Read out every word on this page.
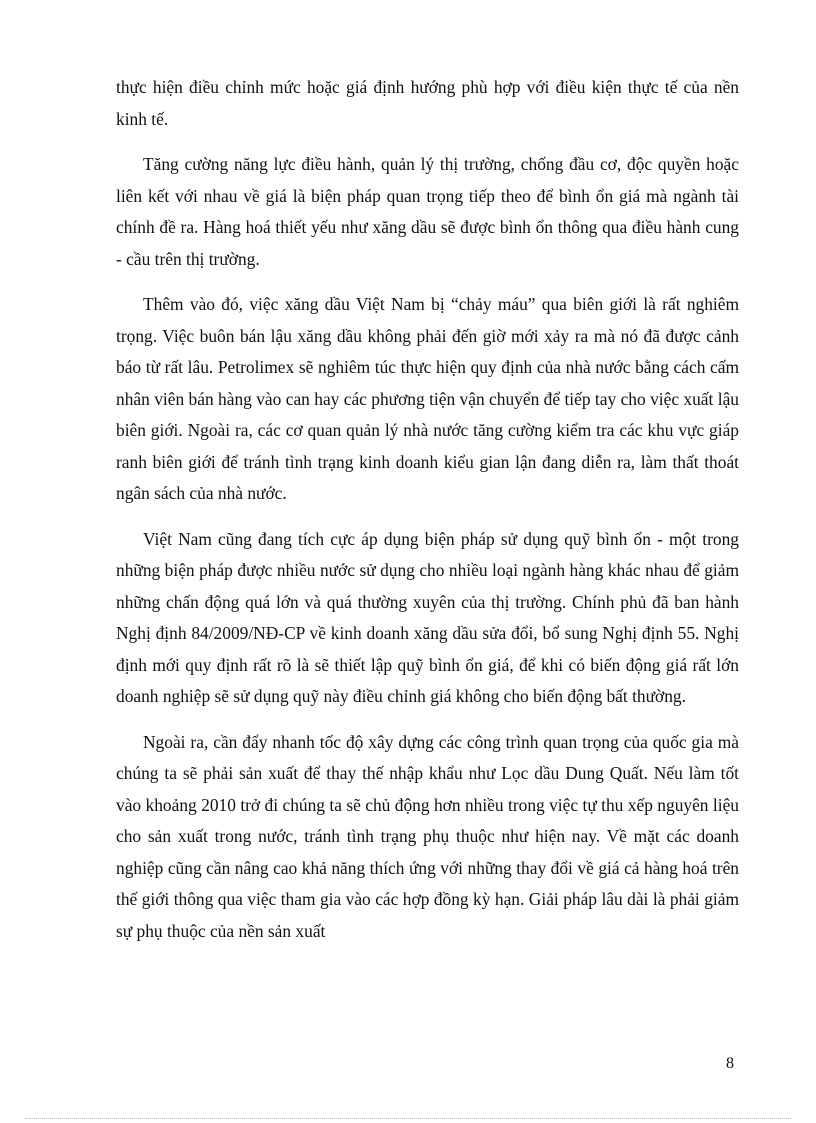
thực hiện điều chỉnh mức hoặc giá định hướng phù hợp với điều kiện thực tế của nền kinh tế.

Tăng cường năng lực điều hành, quản lý thị trường, chống đầu cơ, độc quyền hoặc liên kết với nhau về giá là biện pháp quan trọng tiếp theo để bình ổn giá mà ngành tài chính đề ra. Hàng hoá thiết yếu như xăng dầu sẽ được bình ổn thông qua điều hành cung - cầu trên thị trường.

Thêm vào đó, việc xăng dầu Việt Nam bị “chảy máu” qua biên giới là rất nghiêm trọng. Việc buôn bán lậu xăng dầu không phải đến giờ mới xảy ra mà nó đã được cảnh báo từ rất lâu. Petrolimex sẽ nghiêm túc thực hiện quy định của nhà nước bằng cách cấm nhân viên bán hàng vào can hay các phương tiện vận chuyển để tiếp tay cho việc xuất lậu biên giới. Ngoài ra, các cơ quan quản lý nhà nước tăng cường kiểm tra các khu vực giáp ranh biên giới để tránh tình trạng kinh doanh kiểu gian lận đang diễn ra, làm thất thoát ngân sách của nhà nước.

Việt Nam cũng đang tích cực áp dụng biện pháp sử dụng quỹ bình ổn - một trong những biện pháp được nhiều nước sử dụng cho nhiều loại ngành hàng khác nhau để giảm những chấn động quá lớn và quá thường xuyên của thị trường. Chính phủ đã ban hành Nghị định 84/2009/NĐ-CP về kinh doanh xăng dầu sửa đổi, bổ sung Nghị định 55. Nghị định mới quy định rất rõ là sẽ thiết lập quỹ bình ổn giá, để khi có biến động giá rất lớn doanh nghiệp sẽ sử dụng quỹ này điều chỉnh giá không cho biến động bất thường.

Ngoài ra, cần đẩy nhanh tốc độ xây dựng các công trình quan trọng của quốc gia mà chúng ta sẽ phải sản xuất để thay thế nhập khẩu như Lọc dầu Dung Quất. Nếu làm tốt vào khoảng 2010 trở đi chúng ta sẽ chủ động hơn nhiều trong việc tự thu xếp nguyên liệu cho sản xuất trong nước, tránh tình trạng phụ thuộc như hiện nay. Về mặt các doanh nghiệp cũng cần nâng cao khả năng thích ứng với những thay đổi về giá cả hàng hoá trên thế giới thông qua việc tham gia vào các hợp đồng kỳ hạn. Giải pháp lâu dài là phải giảm sự phụ thuộc của nền sản xuất

8
